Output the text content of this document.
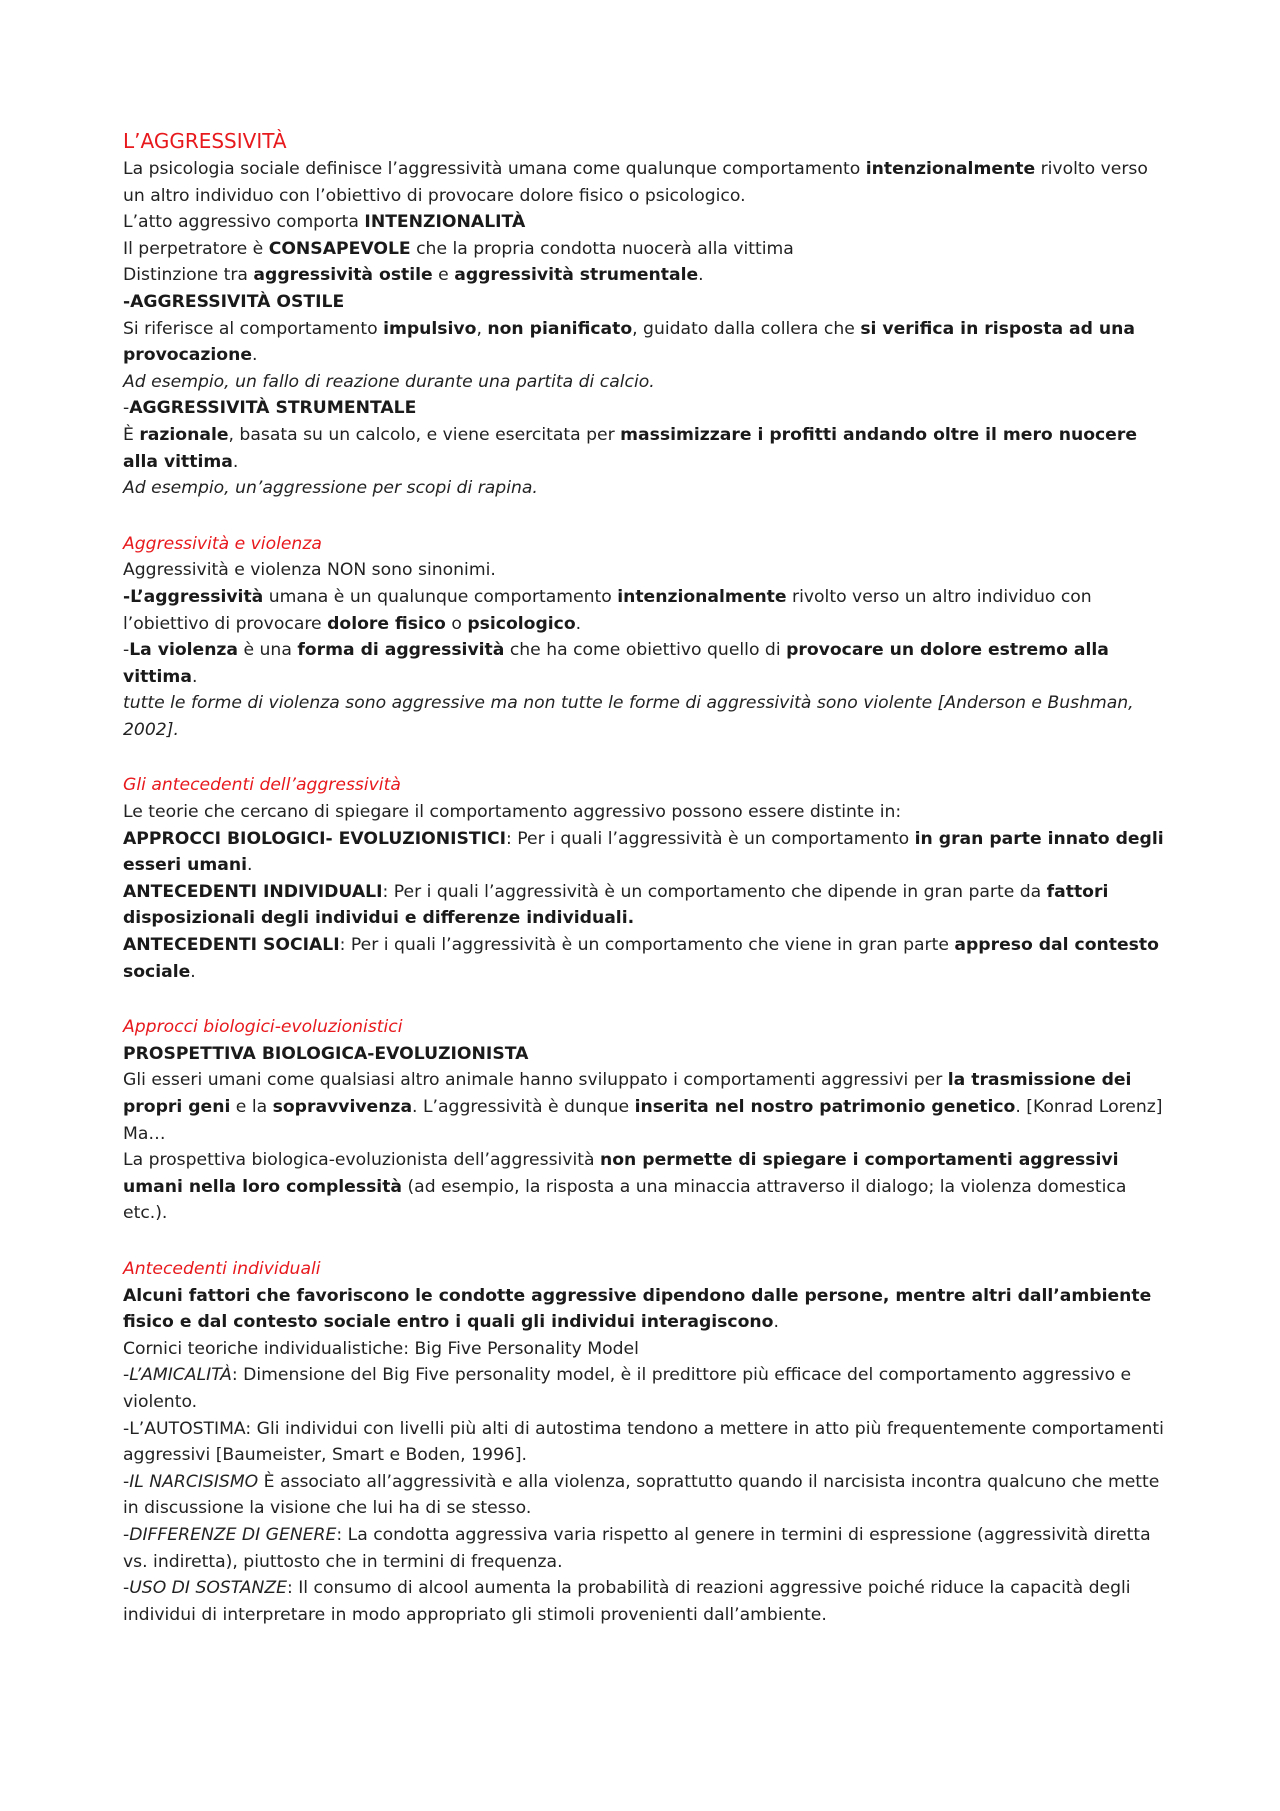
L’AGGRESSIVITÀ

La psicologia sociale definisce l’aggressività umana come qualunque comportamento intenzionalmente rivolto verso un altro individuo con l’obiettivo di provocare dolore fisico o psicologico.

L’atto aggressivo comporta INTENZIONALITÀ

Il perpetratore è CONSAPEVOLE che la propria condotta nuocerà alla vittima

Distinzione tra aggressività ostile e aggressività strumentale.

-AGGRESSIVITÀ OSTILE

Si riferisce al comportamento impulsivo, non pianificato, guidato dalla collera che si verifica in risposta ad una provocazione.

Ad esempio, un fallo di reazione durante una partita di calcio.

-AGGRESSIVITÀ STRUMENTALE

È razionale, basata su un calcolo, e viene esercitata per massimizzare i profitti andando oltre il mero nuocere alla vittima.

Ad esempio, un’aggressione per scopi di rapina.

Aggressività e violenza

Aggressività e violenza NON sono sinonimi.

-L’aggressività umana è un qualunque comportamento intenzionalmente rivolto verso un altro individuo con l’obiettivo di provocare dolore fisico o psicologico.

-La violenza è una forma di aggressività che ha come obiettivo quello di provocare un dolore estremo alla vittima.

tutte le forme di violenza sono aggressive ma non tutte le forme di aggressività sono violente [Anderson e Bushman, 2002].

Gli antecedenti dell’aggressività

Le teorie che cercano di spiegare il comportamento aggressivo possono essere distinte in:

APPROCCI BIOLOGICI- EVOLUZIONISTICI: Per i quali l’aggressività è un comportamento in gran parte innato degli esseri umani.

ANTECEDENTI INDIVIDUALI: Per i quali l’aggressività è un comportamento che dipende in gran parte da fattori disposizionali degli individui e differenze individuali.

ANTECEDENTI SOCIALI: Per i quali l’aggressività è un comportamento che viene in gran parte appreso dal contesto sociale.

Approcci biologici-evoluzionistici

PROSPETTIVA BIOLOGICA-EVOLUZIONISTA

Gli esseri umani come qualsiasi altro animale hanno sviluppato i comportamenti aggressivi per la trasmissione dei propri geni e la sopravvivenza. L’aggressività è dunque inserita nel nostro patrimonio genetico. [Konrad Lorenz]

Ma…

La prospettiva biologica-evoluzionista dell’aggressività non permette di spiegare i comportamenti aggressivi umani nella loro complessità (ad esempio, la risposta a una minaccia attraverso il dialogo; la violenza domestica etc.).

Antecedenti individuali

Alcuni fattori che favoriscono le condotte aggressive dipendono dalle persone, mentre altri dall’ambiente fisico e dal contesto sociale entro i quali gli individui interagiscono.

Cornici teoriche individualistiche: Big Five Personality Model

-L’AMICALITÀ: Dimensione del Big Five personality model, è il predittore più efficace del comportamento aggressivo e violento.

-L’AUTOSTIMA: Gli individui con livelli più alti di autostima tendono a mettere in atto più frequentemente comportamenti aggressivi [Baumeister, Smart e Boden, 1996].

-IL NARCISISMO È associato all’aggressività e alla violenza, soprattutto quando il narcisista incontra qualcuno che mette in discussione la visione che lui ha di se stesso.

-DIFFERENZE DI GENERE: La condotta aggressiva varia rispetto al genere in termini di espressione (aggressività diretta vs. indiretta), piuttosto che in termini di frequenza.

-USO DI SOSTANZE: Il consumo di alcool aumenta la probabilità di reazioni aggressive poiché riduce la capacità degli individui di interpretare in modo appropriato gli stimoli provenienti dall’ambiente.
